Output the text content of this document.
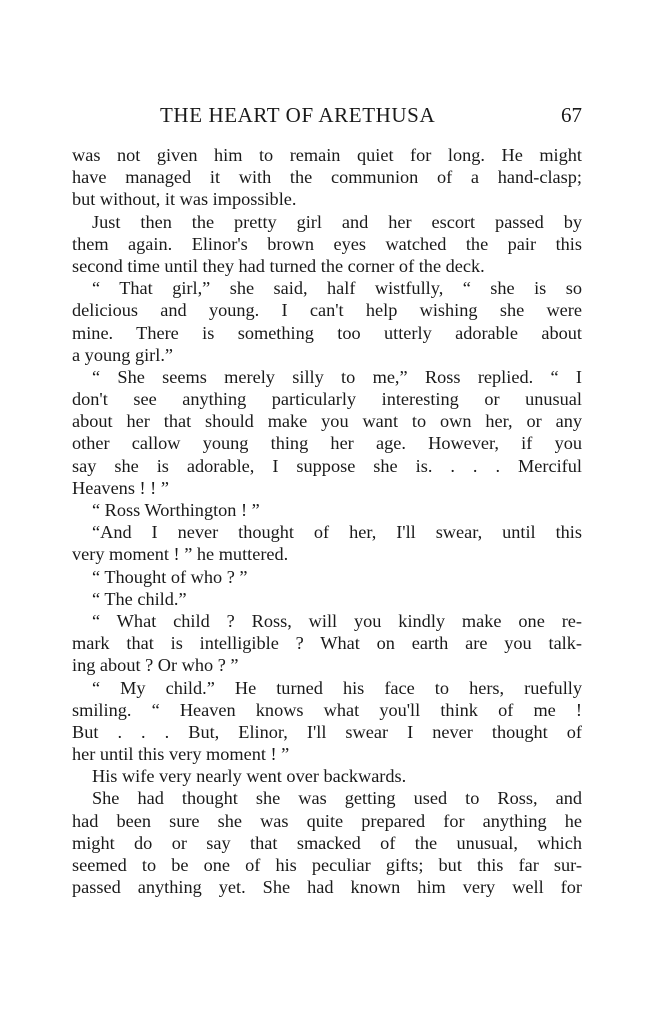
THE HEART OF ARETHUSA	67
was not given him to remain quiet for long. He might
have managed it with the communion of a hand-clasp;
but without, it was impossible.
Just then the pretty girl and her escort passed by
them again. Elinor's brown eyes watched the pair this
second time until they had turned the corner of the deck.
“ That girl,” she said, half wistfully, “ she is so
delicious and young. I can't help wishing she were
mine. There is something too utterly adorable about
a young girl.”
“ She seems merely silly to me,” Ross replied. “ I
don't see anything particularly interesting or unusual
about her that should make you want to own her, or any
other callow young thing her age. However, if you
say she is adorable, I suppose she is. . . . Merciful
Heavens ! ! ”
“ Ross Worthington ! ”
“And I never thought of her, I'll swear, until this
very moment ! ” he muttered.
“ Thought of who ? ”
“ The child.”
“ What child ? Ross, will you kindly make one re-
mark that is intelligible ? What on earth are you talk-
ing about ? Or who ? ”
“ My child.” He turned his face to hers, ruefully
smiling. “ Heaven knows what you'll think of me !
But . . . But, Elinor, I'll swear I never thought of
her until this very moment ! ”
His wife very nearly went over backwards.
She had thought she was getting used to Ross, and
had been sure she was quite prepared for anything he
might do or say that smacked of the unusual, which
seemed to be one of his peculiar gifts; but this far sur-
passed anything yet. She had known him very well for
